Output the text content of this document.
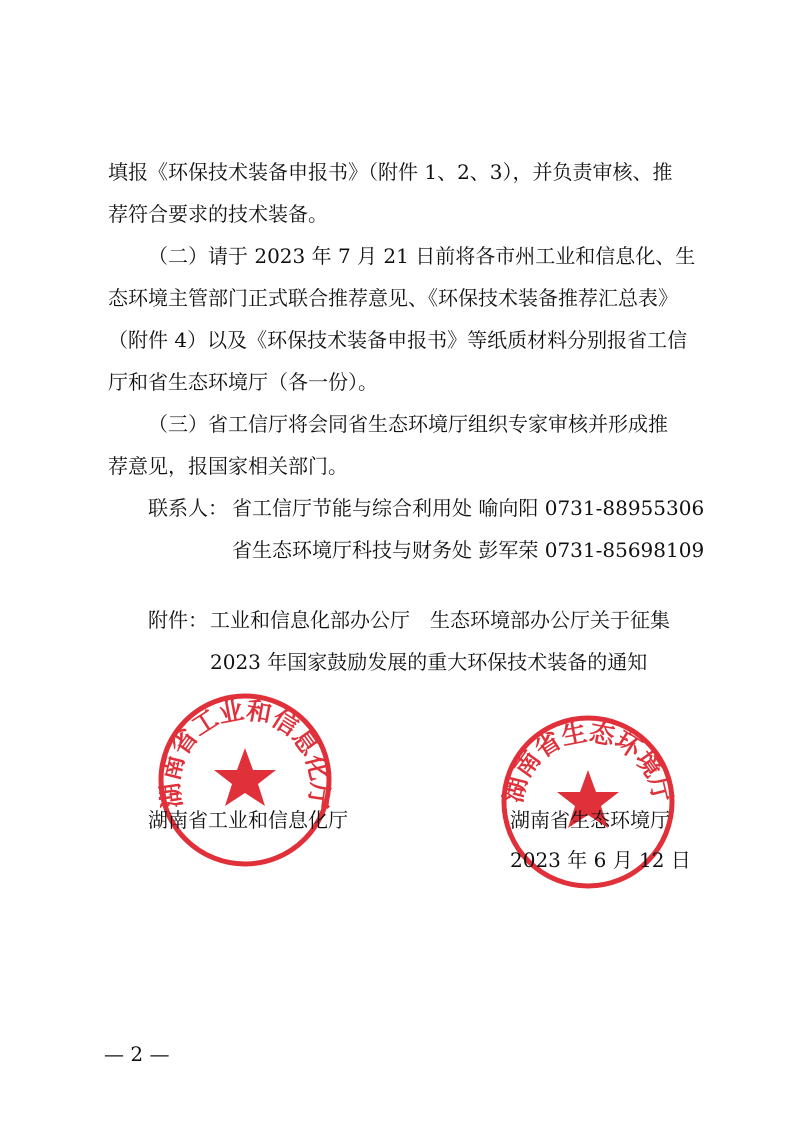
填报《环保技术装备申报书》（附件 1、2、3），并负责审核、推
荐符合要求的技术装备。
（二）请于 2023 年 7 月 21 日前将各市州工业和信息化、生
态环境主管部门正式联合推荐意见、《环保技术装备推荐汇总表》
（附件 4）以及《环保技术装备申报书》等纸质材料分别报省工信
厅和省生态环境厅（各一份）。
（三）省工信厅将会同省生态环境厅组织专家审核并形成推
荐意见，报国家相关部门。
联系人： 省工信厅节能与综合利用处 喻向阳 0731-88955306
省生态环境厅科技与财务处 彭军荣 0731-85698109
附件： 工业和信息化部办公厅　生态环境部办公厅关于征集
2023 年国家鼓励发展的重大环保技术装备的通知
湖南省工业和信息化厅	湖南省生态环境厅
湖南省工业和信息化厅	湖南省生态环境厅
2023 年 6 月 12 日
— 2 —
